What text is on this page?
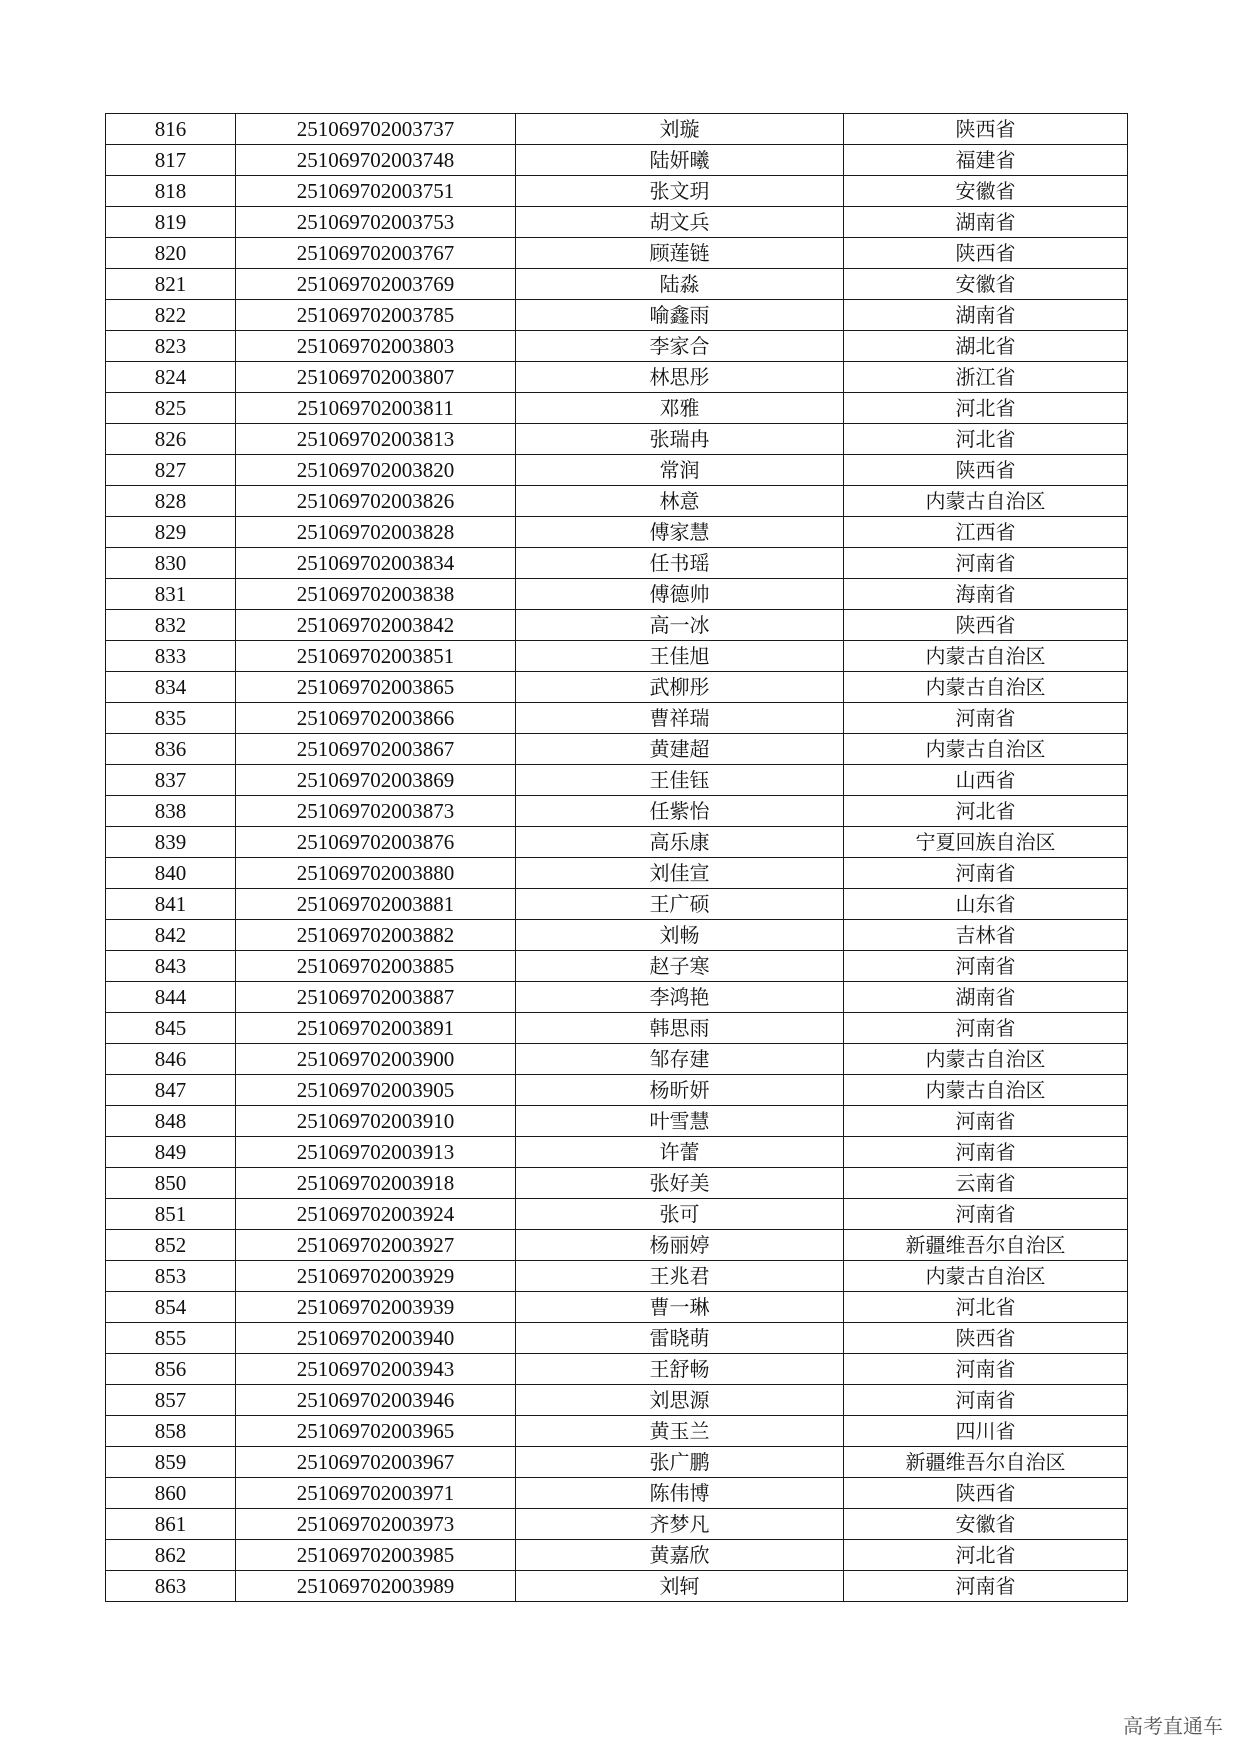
816	251069702003737	刘璇	陕西省
817	251069702003748	陆妍曦	福建省
818	251069702003751	张文玥	安徽省
819	251069702003753	胡文兵	湖南省
820	251069702003767	顾莲链	陕西省
821	251069702003769	陆淼	安徽省
822	251069702003785	喻鑫雨	湖南省
823	251069702003803	李家合	湖北省
824	251069702003807	林思彤	浙江省
825	251069702003811	邓雅	河北省
826	251069702003813	张瑞冉	河北省
827	251069702003820	常润	陕西省
828	251069702003826	林意	内蒙古自治区
829	251069702003828	傅家慧	江西省
830	251069702003834	任书瑶	河南省
831	251069702003838	傅德帅	海南省
832	251069702003842	高一冰	陕西省
833	251069702003851	王佳旭	内蒙古自治区
834	251069702003865	武柳彤	内蒙古自治区
835	251069702003866	曹祥瑞	河南省
836	251069702003867	黄建超	内蒙古自治区
837	251069702003869	王佳钰	山西省
838	251069702003873	任紫怡	河北省
839	251069702003876	高乐康	宁夏回族自治区
840	251069702003880	刘佳宣	河南省
841	251069702003881	王广硕	山东省
842	251069702003882	刘畅	吉林省
843	251069702003885	赵子寒	河南省
844	251069702003887	李鸿艳	湖南省
845	251069702003891	韩思雨	河南省
846	251069702003900	邹存建	内蒙古自治区
847	251069702003905	杨昕妍	内蒙古自治区
848	251069702003910	叶雪慧	河南省
849	251069702003913	许蕾	河南省
850	251069702003918	张好美	云南省
851	251069702003924	张可	河南省
852	251069702003927	杨丽婷	新疆维吾尔自治区
853	251069702003929	王兆君	内蒙古自治区
854	251069702003939	曹一琳	河北省
855	251069702003940	雷晓萌	陕西省
856	251069702003943	王舒畅	河南省
857	251069702003946	刘思源	河南省
858	251069702003965	黄玉兰	四川省
859	251069702003967	张广鹏	新疆维吾尔自治区
860	251069702003971	陈伟博	陕西省
861	251069702003973	齐梦凡	安徽省
862	251069702003985	黄嘉欣	河北省
863	251069702003989	刘轲	河南省
高考直通车
